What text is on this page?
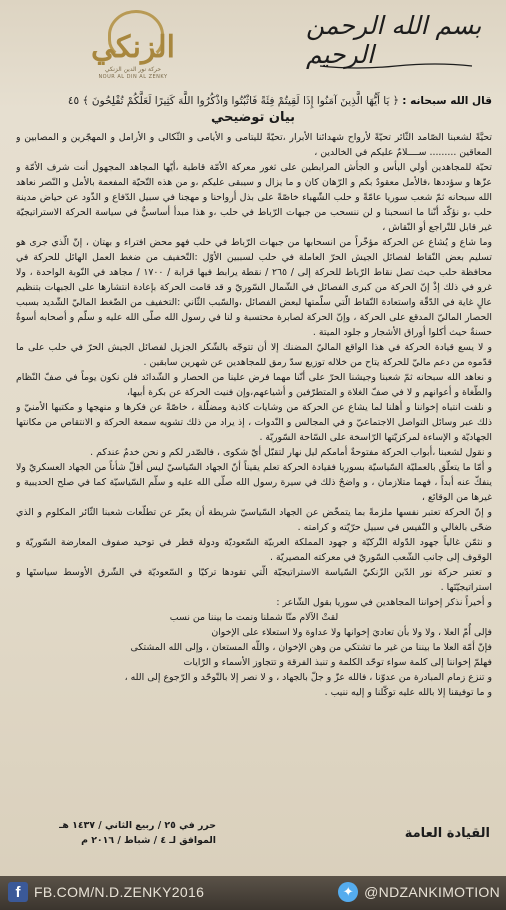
الزنكي
حركة نور الدين الزنكي
NOUR AL DIN AL ZENKY
بسم الله الرحمن الرحيم
قال الله سبحانه : ﴿ يَا أَيُّهَا الَّذِينَ آمَنُوا إِذَا لَقِيتُمْ فِئَةً فَاثْبُتُوا وَاذْكُرُوا اللَّهَ كَثِيرًا لَعَلَّكُمْ تُفْلِحُونَ ﴾ ٤٥
بيان توضيحي

تحيَّةً لشعبنا الصّامد الثّائر تحيّةً لأرواح شهدائنا الأبرار ،تحيّةً لليتامى و الأيامى و الثّكالى و الأرامل و المهجّرين و المصابين و المعاقين ......... ســــلامٌ عليكم في الخالدين ،

تحيّة للمجاهدين أولي البأس و الجأش المرابطين على ثغور معركة الأمّة قاطبة ،أيّها المجاهد المجهول أنت شرف الأمّة و عزّها و سؤددها ،فالأمل معقودٌ بكم و الرّهان كان و ما يزال و سيبقى عليكم ،و من هذه التّحيّة المفعمة بالأمل و النّصر نعاهد الله سبحانه ثمّ شعب سوريا عامّةً و حلب الشّهباء خاصّةً على بذل أرواحنا و مهجنا في سبيل الدّفاع و الذّود عن حياض مدينة حلب ،و نؤكّد أنّنا ما انسحبنا و لن ننسحب من جبهات الرّباط في حلب ،و هذا مبدأ أساسيٌّ في سياسة الحركة الاستراتيجيّة غير قابل للتّراجع أو النّقاش ،

وما شاع و يُشاع عن الحركة مؤخّراً من انسحابها من جبهات الرّباط في حلب فهو محض افتراء و بهتان ، إنّ الّذي جرى هو تسليم بعض النّقاط لفصائل الجيش الحرّ العاملة في حلب لسببين الأوّل :التّخفيف من ضغط العمل الهائل للحركة في محافظة حلب حيث تصل نقاط الرّباط للحركة إلى / ٢٦٥ / نقطة يرابط فيها قرابة / ١٧٠٠ / مجاهد في النّوبة الواحدة ، ولا غرو في ذلك إذْ إنّ الحركة من كبرى الفصائل في الشّمال السّوريّ و قد قامت الحركة بإعادة انتشارها على الجبهات بتنظيم عالٍ غاية في الدّقّة واستعادة النّقاط الّتي سلّمتها لبعض الفصائل ،والسّبب الثّاني :التخفيف من الضّغط الماليّ الشّديد بسبب الحصار الماليّ المدقع على الحركة ، وإنّ الحركة لصابرة محتسبة و لنا في رسول الله صلّى الله عليه و سلّم و أصحابه أسوةٌ حسنةٌ حيث أكلوا أوراق الأشجار و جلود الميتة .

و لا يسع قيادة الحركة في هذا الواقع الماليّ المضنك إلا أن تتوجّه بالشّكر الجزيل لفصائل الجيش الحرّ في حلب على ما قدّموه من دعم ماليّ للحركة يتاح من خلاله توزيع سدّ رمق للمجاهدين عن شهرين سابقين .

و نعاهد الله سبحانه ثمّ شعبنا وجيشنا الحرّ على أنّنا مهما فرض علينا من الحصار و الشّدائد فلن نكون يوماً في صفّ النّظام والطّغاة و أعوانهم و لا في صفّ الغلاة و المتطرّفين و أشياعهم،وإن فنيت الحركة عن بكرة أبيها،

و نلفت انتباه إخواننا و أهلنا لما يشاع عن الحركة من وشايات كاذبة ومضلّلة ، خاصّةً عن فكرها و منهجها و مكتبها الأمنيّ و ذلك عبر وسائل التواصل الاجتماعيّ و في المجالس و النّدوات ، إذ يراد من ذلك تشويه سمعة الحركة و الانتقاص من مكانتها الجهاديّة و الإساءة لمركزيّتها الرّاسخة على السّاحة السّوريّة .

و نقول لشعبنا ،أبواب الحركة مفتوحةٌ أمامكم ليل نهار لتقبّل أيّ شكوى ، فالصّدر لكم و نحن خدمٌ عندكم .

و أمّا ما يتعلّق بالعمليّة السّياسيّة بسوريا فقيادة الحركة تعلم يقيناً أنّ الجهاد السّياسيّ ليس أقلّ شأناً من الجهاد العسكريّ ولا ينفكّ عنه أبداً ، فهما متلازمان ، و واضحٌ ذلك في سيرة رسول الله صلّى الله عليه و سلّم السّياسيّة كما في صلح الحديبية و غيرها من الوقائع ،

و إنّ الحركة تعتبر نفسها ملزمةً بما يتمخّض عن الجهاد السّياسيّ شريطة أن يعبّر عن تطلّعات شعبنا الثّائر المكلوم و الذي ضحّى بالغالي و النّفيس في سبيل حرّيّته و كرامته .

و نثمّن غالياً جهود الدّولة التّركيّة و جهود المملكة العربيّة السّعوديّة ودولة قطر في توحيد صفوف المعارضة السّوريّة و الوقوف إلى جانب الشّعب السّوريّ في معركته المصيريّة .

و تعتبر حركة نور الدّين الزّنكيّ السّياسة الاستراتيجيّة الّتي تقودها تركيّا و السّعوديّة في الشّرق الأوسط سياستَها و استراتيجيّتَها .

و أخيراً نذكر إخواننا المجاهدين في سوريا بقول الشّاعر :

لقتْ الآلام منّا شملنا ونمت ما بيننا من نسب

فإلى أُمّ العلا ، ولا ولا بأن تعاديَ إخوانها ولا عداوة ولا استعلاء على الإخوان

فإنّ أمّة العلا ما بيننا من غير ما تشتكي من وهن الإخوان ، واللّه المستعان ، وإلى الله المشتكى

فهلمّ إخواننا إلى كلمة سواء توحّد الكلمة و تنبذ الفرقة و تتجاوز الأسماء و الرّايات

و تنزع زمام المبادرة من عدوّنا ، فالله عزّ و جلّ بالجهاد ، و لا نصر إلا بالتّوحّد و الرّجوع إلى الله ،

و ما توفيقنا إلا بالله عليه توكّلنا و إليه ننيب .

حرر في ٢٥ / ربيع الثاني / ١٤٣٧ هـ
الموافق لـ ٤ / شباط / ٢٠١٦ م	القيادة العامة
f FB.COM/N.D.ZENKY2016	✦ @NDZANKIMOTION
